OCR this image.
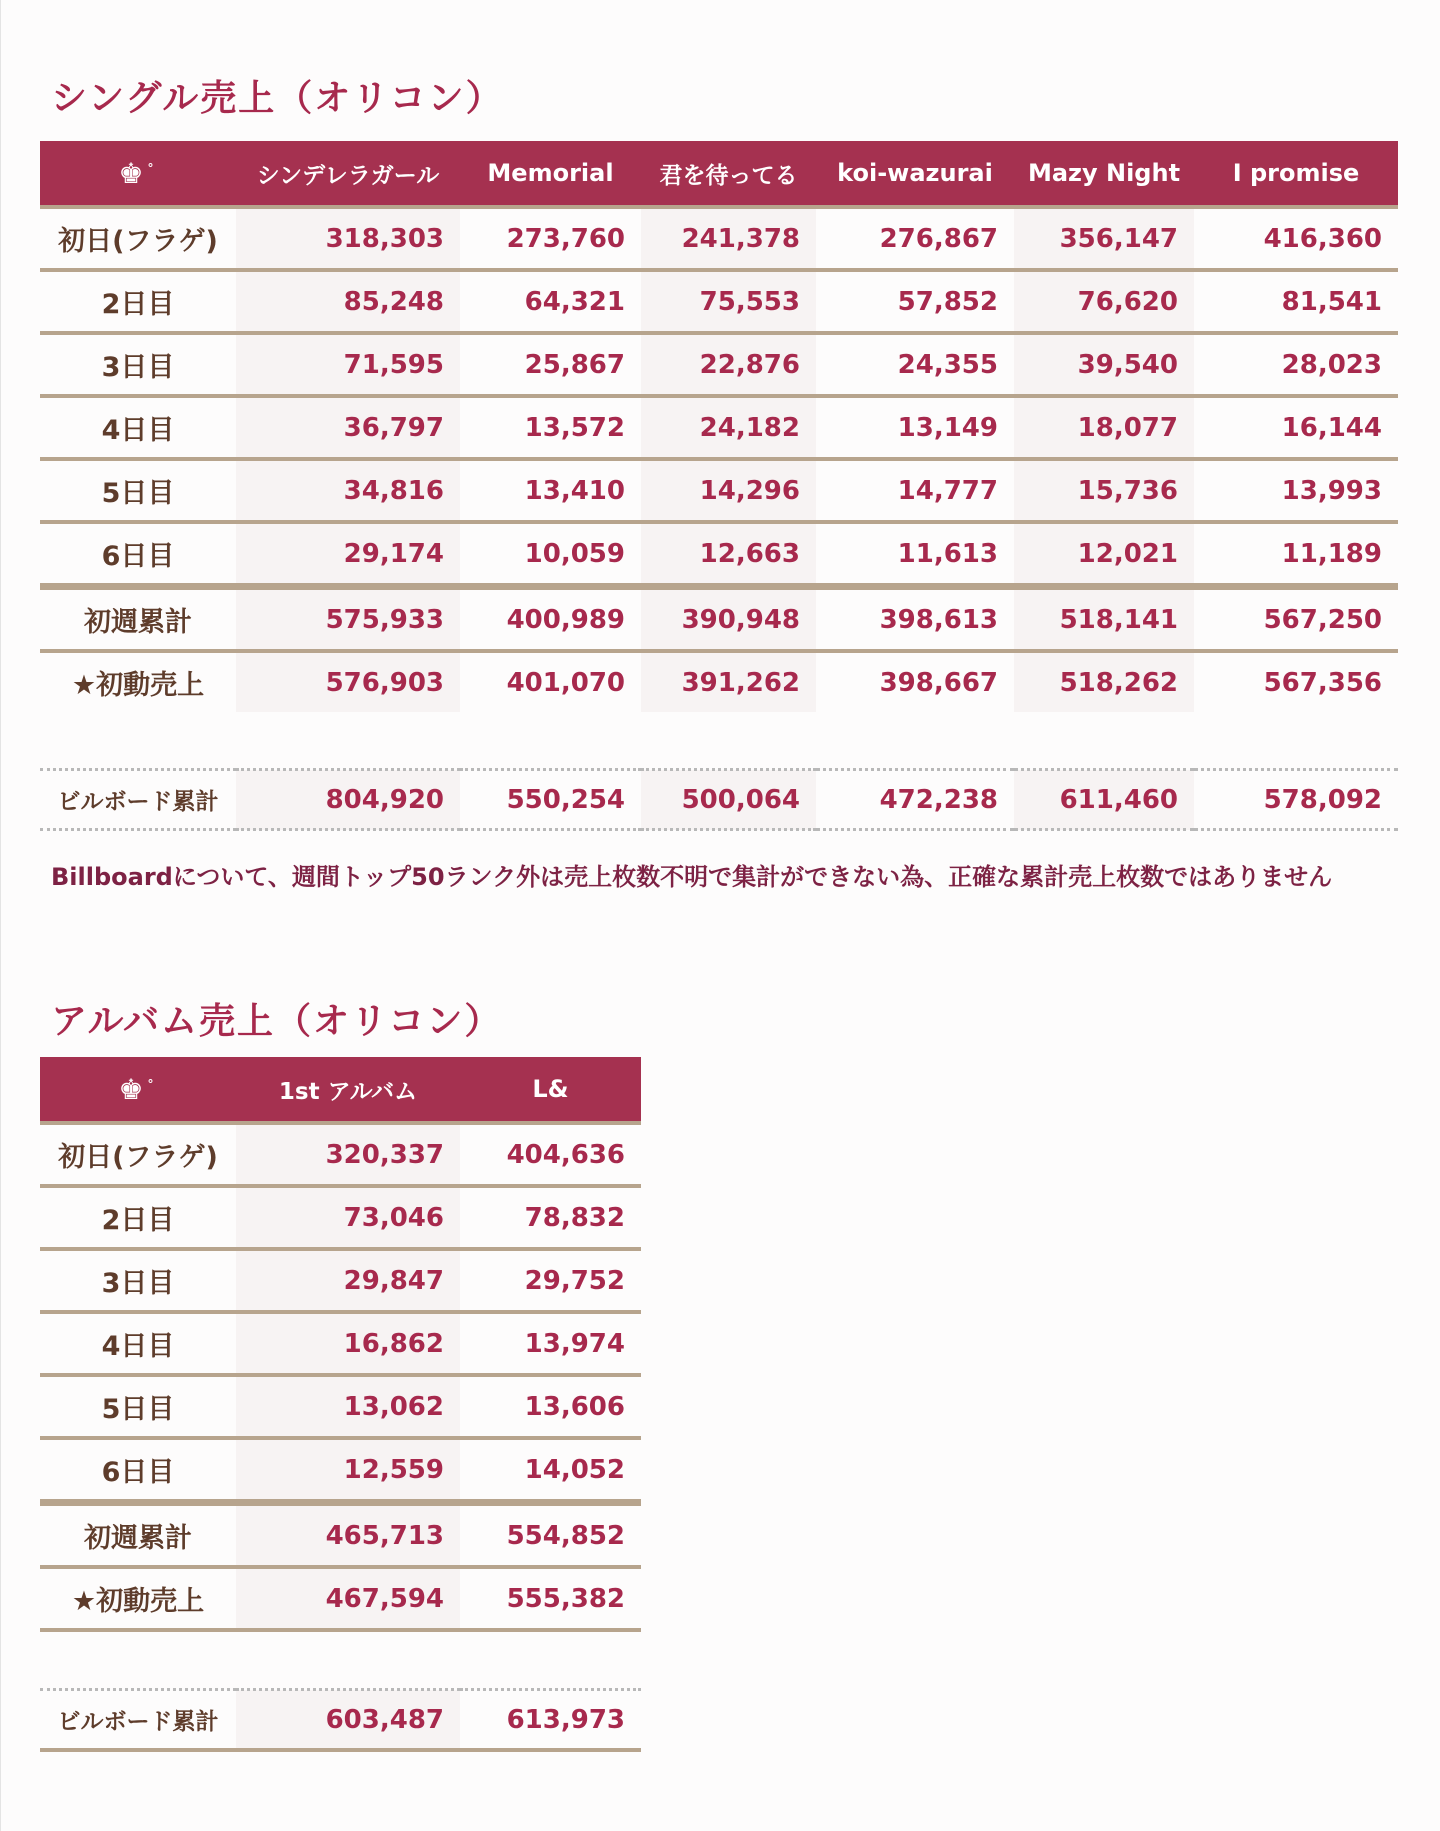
シングル売上（オリコン）
♚°	シンデレラガール	Memorial	君を待ってる	koi-wazurai	Mazy Night	I promise
初日(フラゲ)	318,303	273,760	241,378	276,867	356,147	416,360
2日目	85,248	64,321	75,553	57,852	76,620	81,541
3日目	71,595	25,867	22,876	24,355	39,540	28,023
4日目	36,797	13,572	24,182	13,149	18,077	16,144
5日目	34,816	13,410	14,296	14,777	15,736	13,993
6日目	29,174	10,059	12,663	11,613	12,021	11,189
初週累計	575,933	400,989	390,948	398,613	518,141	567,250
★初動売上	576,903	401,070	391,262	398,667	518,262	567,356

ビルボード累計	804,920	550,254	500,064	472,238	611,460	578,092

Billboardについて、週間トップ50ランク外は売上枚数不明で集計ができない為、正確な累計売上枚数ではありません

アルバム売上（オリコン）
♚°	1st アルバム	L&
初日(フラゲ)	320,337	404,636
2日目	73,046	78,832
3日目	29,847	29,752
4日目	16,862	13,974
5日目	13,062	13,606
6日目	12,559	14,052
初週累計	465,713	554,852
★初動売上	467,594	555,382

ビルボード累計	603,487	613,973
